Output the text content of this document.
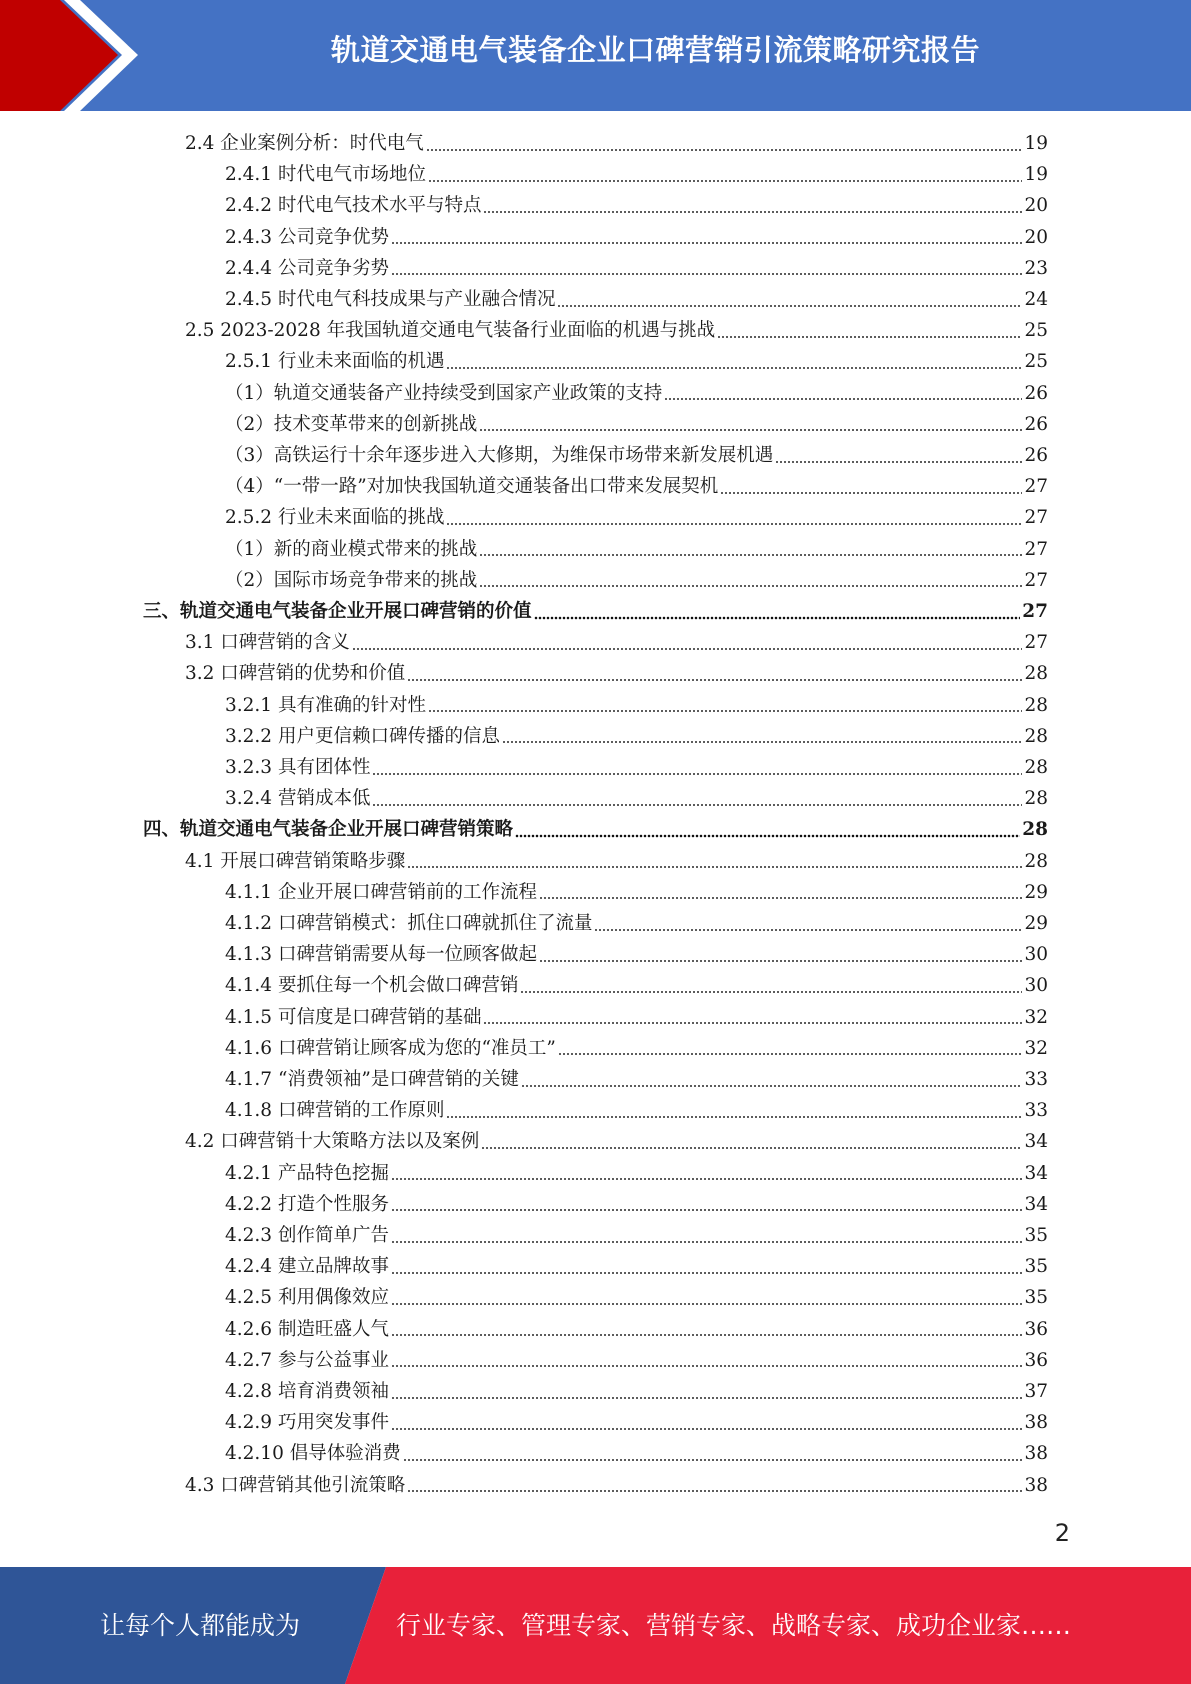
轨道交通电气装备企业口碑营销引流策略研究报告
2.4 企业案例分析：时代电气	19
2.4.1 时代电气市场地位	19
2.4.2 时代电气技术水平与特点	20
2.4.3 公司竞争优势	20
2.4.4 公司竞争劣势	23
2.4.5 时代电气科技成果与产业融合情况	24
2.5 2023-2028 年我国轨道交通电气装备行业面临的机遇与挑战	25
2.5.1 行业未来面临的机遇	25
（1）轨道交通装备产业持续受到国家产业政策的支持	26
（2）技术变革带来的创新挑战	26
（3）高铁运行十余年逐步进入大修期，为维保市场带来新发展机遇	26
（4）“一带一路”对加快我国轨道交通装备出口带来发展契机	27
2.5.2 行业未来面临的挑战	27
（1）新的商业模式带来的挑战	27
（2）国际市场竞争带来的挑战	27
三、轨道交通电气装备企业开展口碑营销的价值	27
3.1 口碑营销的含义	27
3.2 口碑营销的优势和价值	28
3.2.1 具有准确的针对性	28
3.2.2 用户更信赖口碑传播的信息	28
3.2.3 具有团体性	28
3.2.4 营销成本低	28
四、轨道交通电气装备企业开展口碑营销策略	28
4.1 开展口碑营销策略步骤	28
4.1.1 企业开展口碑营销前的工作流程	29
4.1.2 口碑营销模式：抓住口碑就抓住了流量	29
4.1.3 口碑营销需要从每一位顾客做起	30
4.1.4 要抓住每一个机会做口碑营销	30
4.1.5 可信度是口碑营销的基础	32
4.1.6 口碑营销让顾客成为您的“准员工”	32
4.1.7 “消费领袖”是口碑营销的关键	33
4.1.8 口碑营销的工作原则	33
4.2 口碑营销十大策略方法以及案例	34
4.2.1 产品特色挖掘	34
4.2.2 打造个性服务	34
4.2.3 创作简单广告	35
4.2.4 建立品牌故事	35
4.2.5 利用偶像效应	35
4.2.6 制造旺盛人气	36
4.2.7 参与公益事业	36
4.2.8 培育消费领袖	37
4.2.9 巧用突发事件	38
4.2.10 倡导体验消费	38
4.3 口碑营销其他引流策略	38
2
让每个人都能成为	行业专家、管理专家、营销专家、战略专家、成功企业家……
